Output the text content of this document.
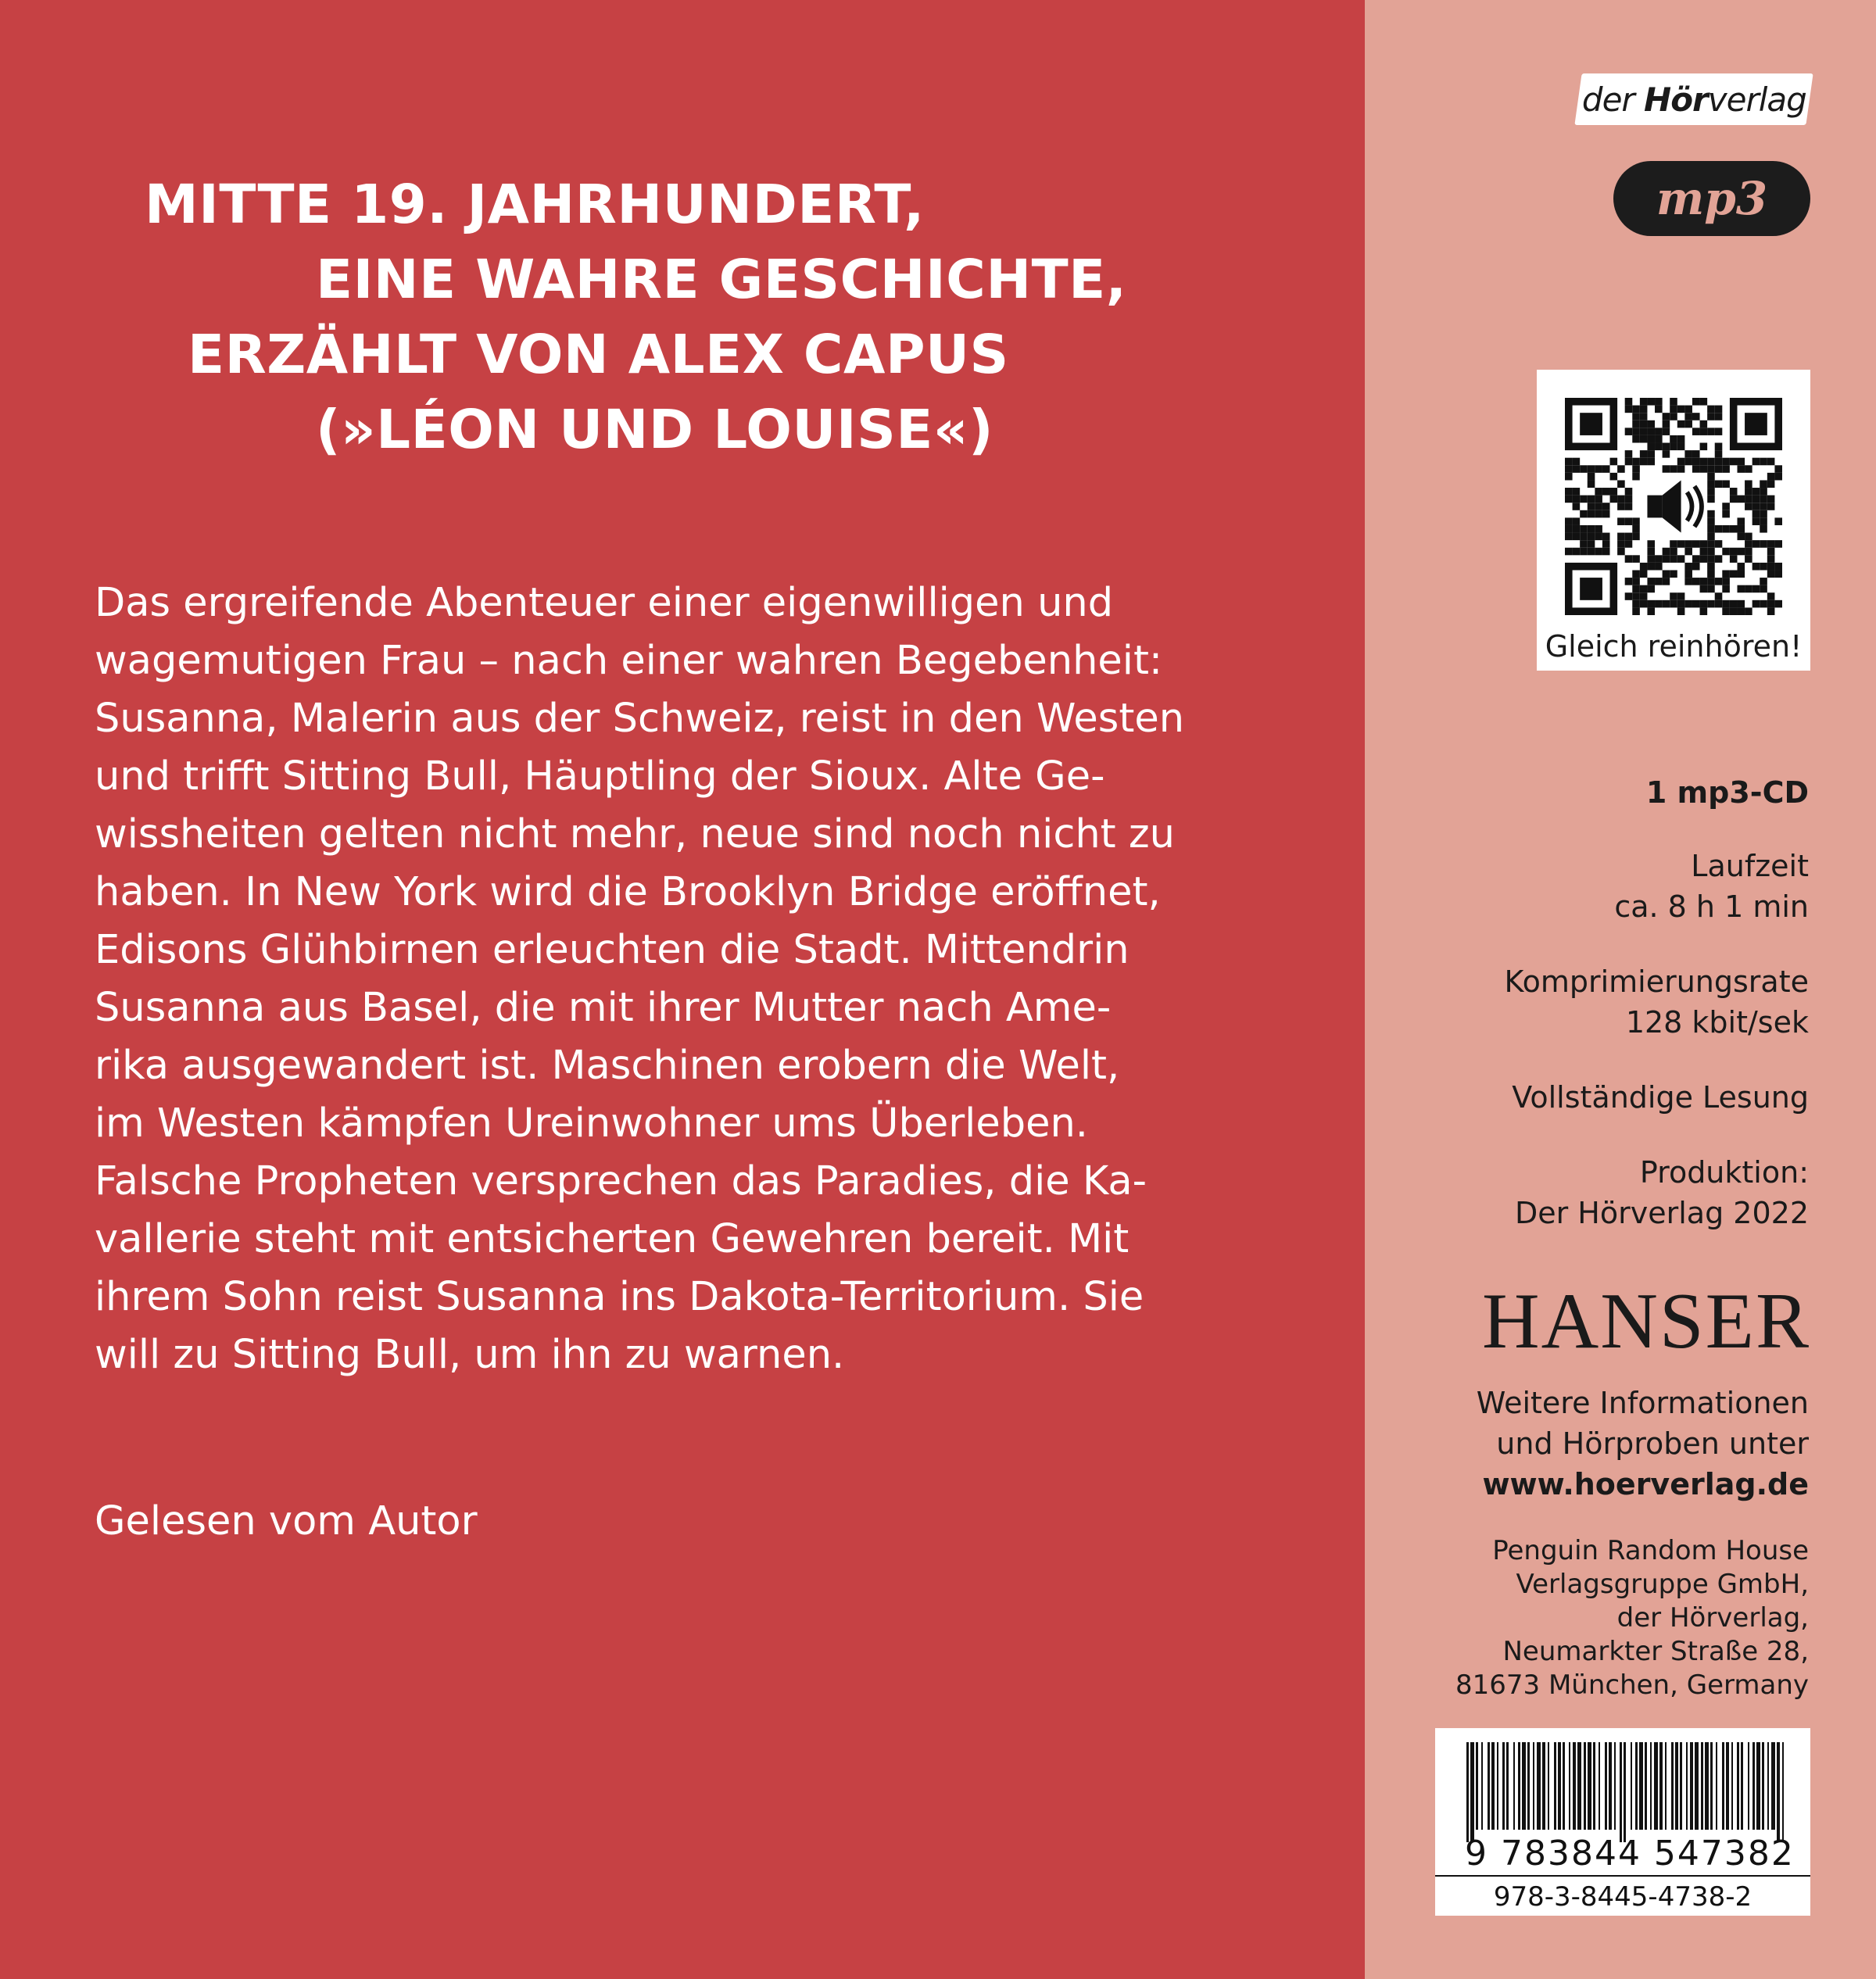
MITTE 19. JAHRHUNDERT,
EINE WAHRE GESCHICHTE,
ERZÄHLT VON ALEX CAPUS
(»LÉON UND LOUISE«)
Das ergreifende Abenteuer einer eigenwilligen und
wagemutigen Frau – nach einer wahren Begebenheit:
Susanna, Malerin aus der Schweiz, reist in den Westen
und trifft Sitting Bull, Häuptling der Sioux. Alte Ge-
wissheiten gelten nicht mehr, neue sind noch nicht zu
haben. In New York wird die Brooklyn Bridge eröffnet,
Edisons Glühbirnen erleuchten die Stadt. Mittendrin
Susanna aus Basel, die mit ihrer Mutter nach Ame-
rika ausgewandert ist. Maschinen erobern die Welt,
im Westen kämpfen Ureinwohner ums Überleben.
Falsche Propheten versprechen das Paradies, die Ka-
vallerie steht mit entsicherten Gewehren bereit. Mit
ihrem Sohn reist Susanna ins Dakota-Territorium. Sie
will zu Sitting Bull, um ihn zu warnen.
Gelesen vom Autor
der Hörverlag
mp3
Gleich reinhören!
1 mp3-CD
Laufzeit
ca. 8 h 1 min
Komprimierungsrate
128 kbit/sek
Vollständige Lesung
Produktion:
Der Hörverlag 2022
HANSER
Weitere Informationen
und Hörproben unter
www.hoerverlag.de
Penguin Random House
Verlagsgruppe GmbH,
der Hörverlag,
Neumarkter Straße 28,
81673 München, Germany
9 783844 547382
978-3-8445-4738-2
